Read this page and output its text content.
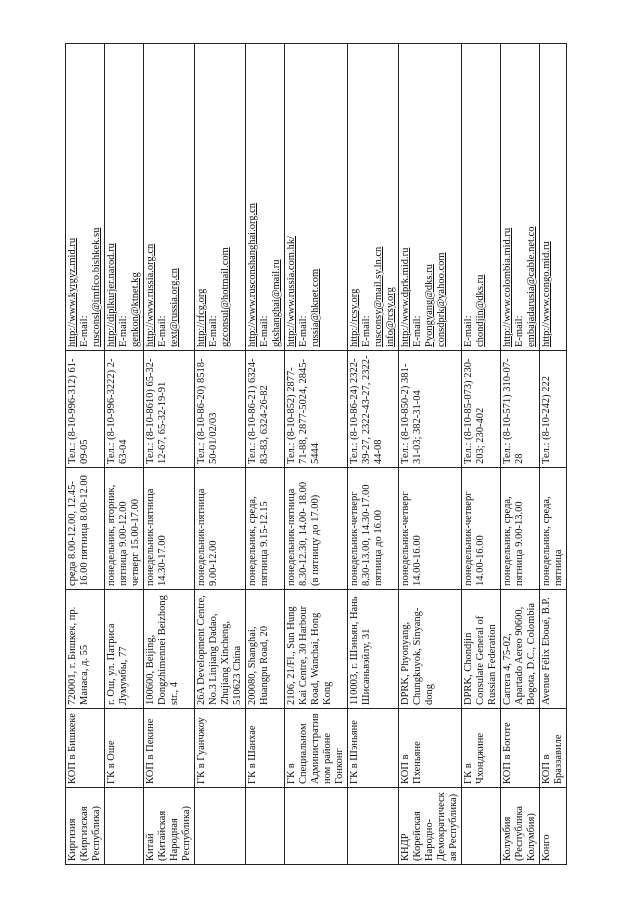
Киргизия (Киргизская Республика)	КОП в Бишкеке	720001, г. Бишкек, пр. Манаса, д. 55	среда 8.00-12.00, 12.45-16.00 пятница 8.00-12.00	Тел.: (8-10-996-312) 61-09-05	http://www.kyrgyz.mid.ru E-mail: rusconsl@imfico.bishkek.su

	ГК в Оше	г. Ош, ул. Патриса Лумумбы, 77	понедельник, вторник, пятница 9.00-12.00 четверг 15.00-17.00	Тел.: (8-10-996-3222) 2-63-04	http://diplkurjer.narod.ru E-mail: genkon@ktnet.kg

Китай (Китайская Народная Республика)	КОП в Пекине	100600, Beijing, Dongzhimennei Beizhong str., 4	понедельник-пятница 14.30-17.00	Тел.: (8-10-8610) 65-32-12-67, 65-32-19-91	http://www.russia.org.cn E-mail: text@russia.org.cn

	ГК в Гуанчжоу	26A Development Centre, No.3 Linjiang Dadao, Zhujiang Xincheng, 510623 China	понедельник-пятница 9.00-12.00	Тел.: (8-10-86-20) 8518-50-01/02/03	http://rfcg.org E-mail: gzconsul@hotmail.com

	ГК в Шанхае	200080, Shanghai, Huangpu Road, 20	понедельник, среда, пятница 9.15-12.15	Тел.: (8-10-86-21) 6324-83-83, 6324-26-82	http://www.rusconshanghai.org.cn E-mail: gkshanghai@mail.ru

	ГК в Специальном Административном районе Гонконг	2106, 21/Fl., Sun Hung Kai Centre, 30 Harbour Road, Wanchai, Hong Kong	понедельник-пятница 8.30-12.30, 14.00- 18.00 (в пятницу до 17.00)	Тел.: (8-10-852) 2877-71-88, 2877-5024, 2845-5444	http://www.russia.com.hk/ E-mail: russia@hknet.com

	ГК в Шэньяне	110003, г. Шэньян, Нань Шисаньвэйлу, 31	понедельник-четверг 8.30-13.00, 14.30-17.00 пятница до 16.00	Тел.: (8-10-86-24) 2322-39-27, 2322-43-27, 2322-44-08	http://rcsy.org E-mail: rusconsy@mail.sy.ln.cn info@rcsy.org

КНДР (Корейская Народно-Демократическая Республика)	КОП в Пхеньяне	DPRK, Phyonyang, Chungkuyok, Sinyang-dong	понедельник-четверг 14.00-16.00	Тел.: (8-10-850-2) 381-31-03; 382-31-04	http://www.dprk.mid.ru E-mail: Pyongyang@dks.ru consdprk@yahoo.com

	ГК в Чхонджине	DPRK, Chondjin Consulate General of Russian Federation	понедельник-четверг 14.00-16.00	Тел.: (8-10-85-073) 230-203; 230-402	E-mail: chondjin@dks.ru

Колумбия (Республика Колумбия)	КОП в Боготе	Carrera 4, 75-02, Apartado Aereo 90600, Bogota, D.C., Colombia	понедельник, среда, пятница 9.00-13.00	Тел.: (8-10-571) 310-07-28	http://www.colombia.mid.ru E-mail: embajadarusia@cable.net.co

Конго	КОП в Браззавиле	Avenue Félix Eboué, B.P.	понедельник, среда, пятница	Тел.: (8-10-242) 222	http://www.congo.mid.ru
